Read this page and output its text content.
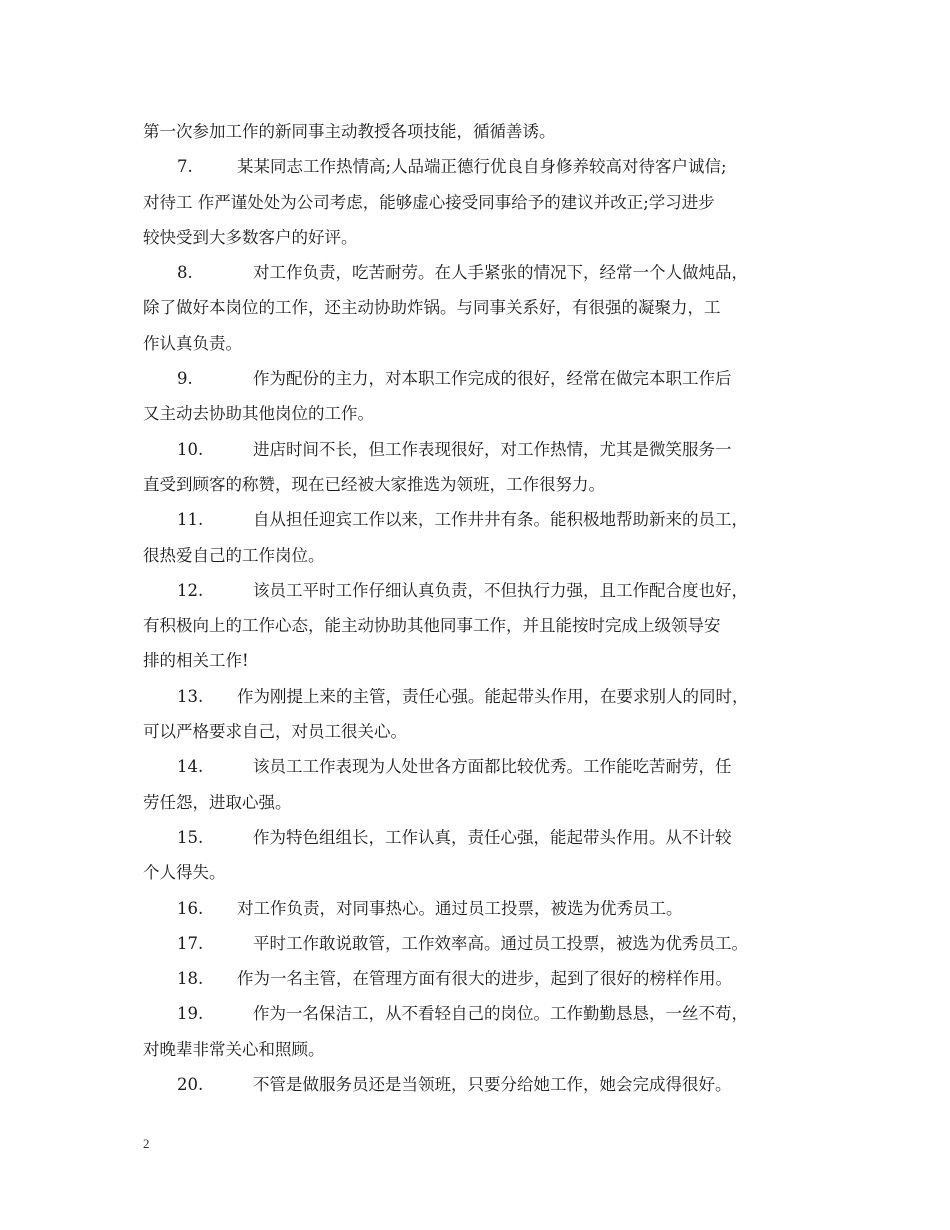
第一次参加工作的新同事主动教授各项技能，循循善诱。
7.	某某同志工作热情高;人品端正德行优良自身修养较高对待客户诚信;
对待工 作严谨处处为公司考虑，能够虚心接受同事给予的建议并改正;学习进步
较快受到大多数客户的好评。
8.	对工作负责，吃苦耐劳。在人手紧张的情况下，经常一个人做炖品，
除了做好本岗位的工作，还主动协助炸锅。与同事关系好，有很强的凝聚力，工
作认真负责。
9.	作为配份的主力，对本职工作完成的很好，经常在做完本职工作后
又主动去协助其他岗位的工作。
10.	进店时间不长，但工作表现很好，对工作热情，尤其是微笑服务一
直受到顾客的称赞，现在已经被大家推选为领班，工作很努力。
11.	自从担任迎宾工作以来，工作井井有条。能积极地帮助新来的员工，
很热爱自己的工作岗位。
12.	该员工平时工作仔细认真负责，不但执行力强，且工作配合度也好，
有积极向上的工作心态，能主动协助其他同事工作，并且能按时完成上级领导安
排的相关工作!
13. 作为刚提上来的主管，责任心强。能起带头作用，在要求别人的同时，
可以严格要求自己，对员工很关心。
14.	该员工工作表现为人处世各方面都比较优秀。工作能吃苦耐劳，任
劳任怨，进取心强。
15.	作为特色组组长，工作认真，责任心强，能起带头作用。从不计较
个人得失。
16. 对工作负责，对同事热心。通过员工投票，被选为优秀员工。
17.	平时工作敢说敢管，工作效率高。通过员工投票，被选为优秀员工。
18. 作为一名主管，在管理方面有很大的进步，起到了很好的榜样作用。
19.	作为一名保洁工，从不看轻自己的岗位。工作勤勤恳恳，一丝不苟，
对晚辈非常关心和照顾。
20.	不管是做服务员还是当领班，只要分给她工作，她会完成得很好。
2
